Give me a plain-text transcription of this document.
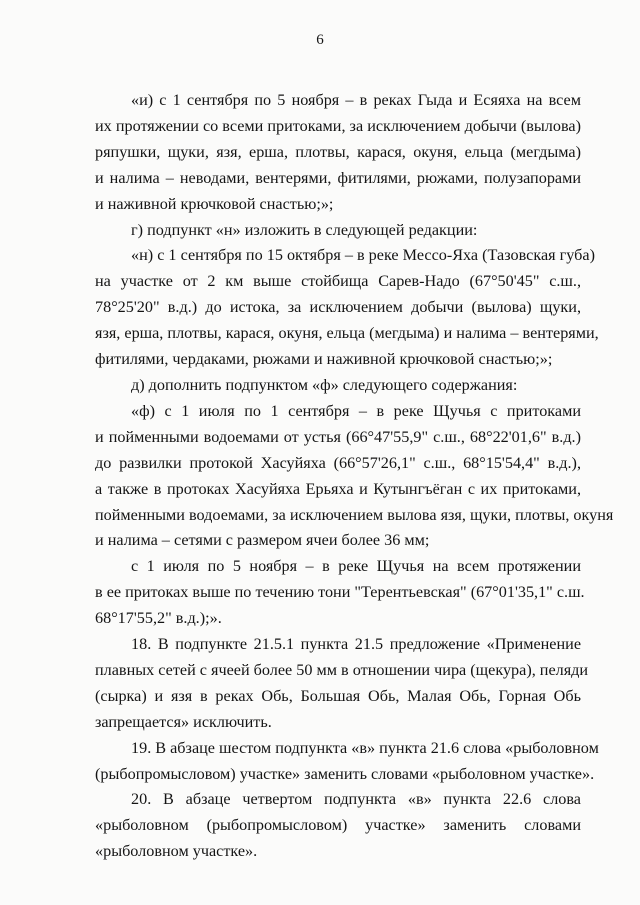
6

«и) с 1 сентября по 5 ноября – в реках Гыда и Есяяха на всем
их протяжении со всеми притоками, за исключением добычи (вылова)
ряпушки, щуки, язя, ерша, плотвы, карася, окуня, ельца (мегдыма)
и налима – неводами, вентерями, фитилями, рюжами, полузапорами
и наживной крючковой снастью;»;

г) подпункт «н» изложить в следующей редакции:

«н) с 1 сентября по 15 октября – в реке Мессо-Яха (Тазовская губа)
на участке от 2 км выше стойбища Сарев-Надо (67°50'45" с.ш.,
78°25'20" в.д.) до истока, за исключением добычи (вылова) щуки,
язя, ерша, плотвы, карася, окуня, ельца (мегдыма) и налима – вентерями,
фитилями, чердаками, рюжами и наживной крючковой снастью;»;

д) дополнить подпунктом «ф» следующего содержания:

«ф) с 1 июля по 1 сентября – в реке Щучья с притоками
и пойменными водоемами от устья (66°47'55,9" с.ш., 68°22'01,6" в.д.)
до развилки протокой Хасуйяха (66°57'26,1" с.ш., 68°15'54,4" в.д.),
а также в протоках Хасуйяха Ерьяха и Кутынгъёган с их притоками,
пойменными водоемами, за исключением вылова язя, щуки, плотвы, окуня
и налима – сетями с размером ячеи более 36 мм;

с 1 июля по 5 ноября – в реке Щучья на всем протяжении
в ее притоках выше по течению тони "Терентьевская" (67°01'35,1" с.ш.
68°17'55,2" в.д.);».

18. В подпункте 21.5.1 пункта 21.5 предложение «Применение
плавных сетей с ячеей более 50 мм в отношении чира (щекура), пеляди
(сырка) и язя в реках Обь, Большая Обь, Малая Обь, Горная Обь
запрещается» исключить.

19. В абзаце шестом подпункта «в» пункта 21.6 слова «рыболовном
(рыбопромысловом) участке» заменить словами «рыболовном участке».

20. В абзаце четвертом подпункта «в» пункта 22.6 слова
«рыболовном (рыбопромысловом) участке» заменить словами
«рыболовном участке».
